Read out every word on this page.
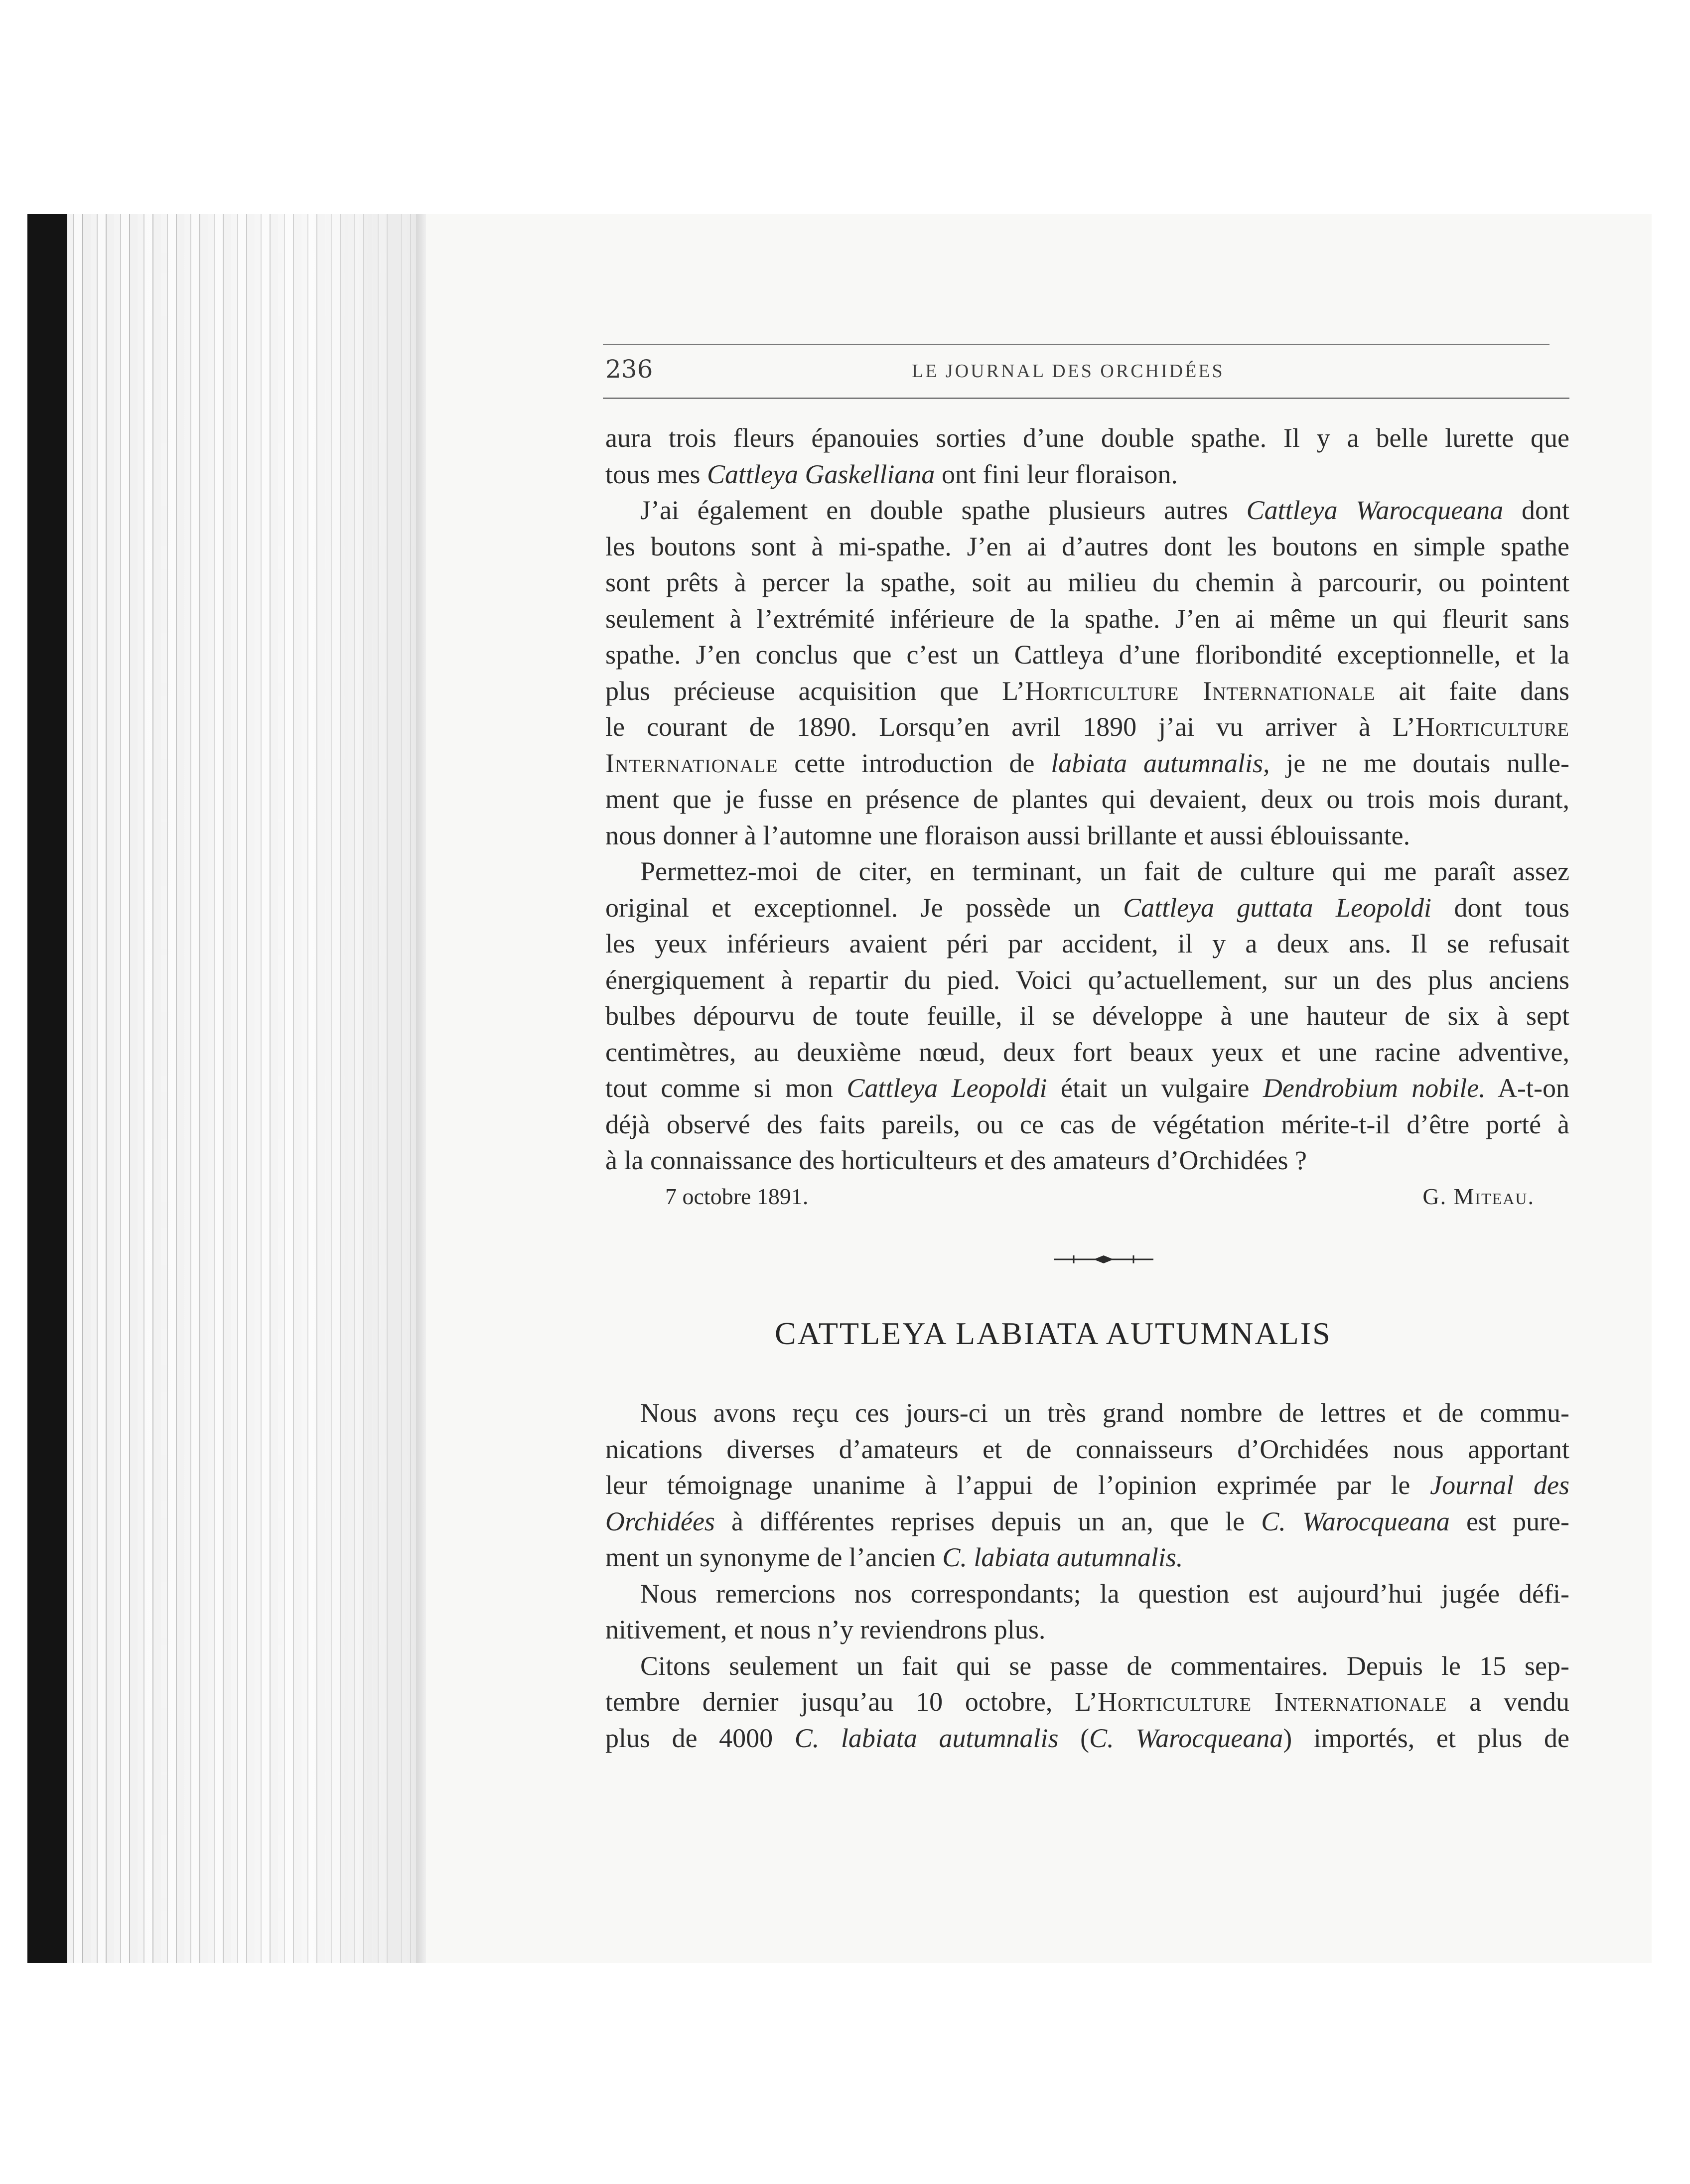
236	LE JOURNAL DES ORCHIDÉES
aura trois fleurs épanouies sorties d’une double spathe. Il y a belle lurette que
tous mes Cattleya Gaskelliana ont fini leur floraison.
J’ai également en double spathe plusieurs autres Cattleya Warocqueana dont
les boutons sont à mi-spathe. J’en ai d’autres dont les boutons en simple spathe
sont prêts à percer la spathe, soit au milieu du chemin à parcourir, ou pointent
seulement à l’extrémité inférieure de la spathe. J’en ai même un qui fleurit sans
spathe. J’en conclus que c’est un Cattleya d’une floribondité exceptionnelle, et la
plus précieuse acquisition que L’Horticulture Internationale ait faite dans
le courant de 1890. Lorsqu’en avril 1890 j’ai vu arriver à L’Horticulture
Internationale cette introduction de labiata autumnalis, je ne me doutais nulle-
ment que je fusse en présence de plantes qui devaient, deux ou trois mois durant,
nous donner à l’automne une floraison aussi brillante et aussi éblouissante.
Permettez-moi de citer, en terminant, un fait de culture qui me paraît assez
original et exceptionnel. Je possède un Cattleya guttata Leopoldi dont tous
les yeux inférieurs avaient péri par accident, il y a deux ans. Il se refusait
énergiquement à repartir du pied. Voici qu’actuellement, sur un des plus anciens
bulbes dépourvu de toute feuille, il se développe à une hauteur de six à sept
centimètres, au deuxième nœud, deux fort beaux yeux et une racine adventive,
tout comme si mon Cattleya Leopoldi était un vulgaire Dendrobium nobile. A-t-on
déjà observé des faits pareils, ou ce cas de végétation mérite-t-il d’être porté à
à la connaissance des horticulteurs et des amateurs d’Orchidées ?
7 octobre 1891.	G. Miteau.
CATTLEYA LABIATA AUTUMNALIS
Nous avons reçu ces jours-ci un très grand nombre de lettres et de commu-
nications diverses d’amateurs et de connaisseurs d’Orchidées nous apportant
leur témoignage unanime à l’appui de l’opinion exprimée par le Journal des
Orchidées à différentes reprises depuis un an, que le C. Warocqueana est pure-
ment un synonyme de l’ancien C. labiata autumnalis.
Nous remercions nos correspondants; la question est aujourd’hui jugée défi-
nitivement, et nous n’y reviendrons plus.
Citons seulement un fait qui se passe de commentaires. Depuis le 15 sep-
tembre dernier jusqu’au 10 octobre, L’Horticulture Internationale a vendu
plus de 4000 C. labiata autumnalis (C. Warocqueana) importés, et plus de
